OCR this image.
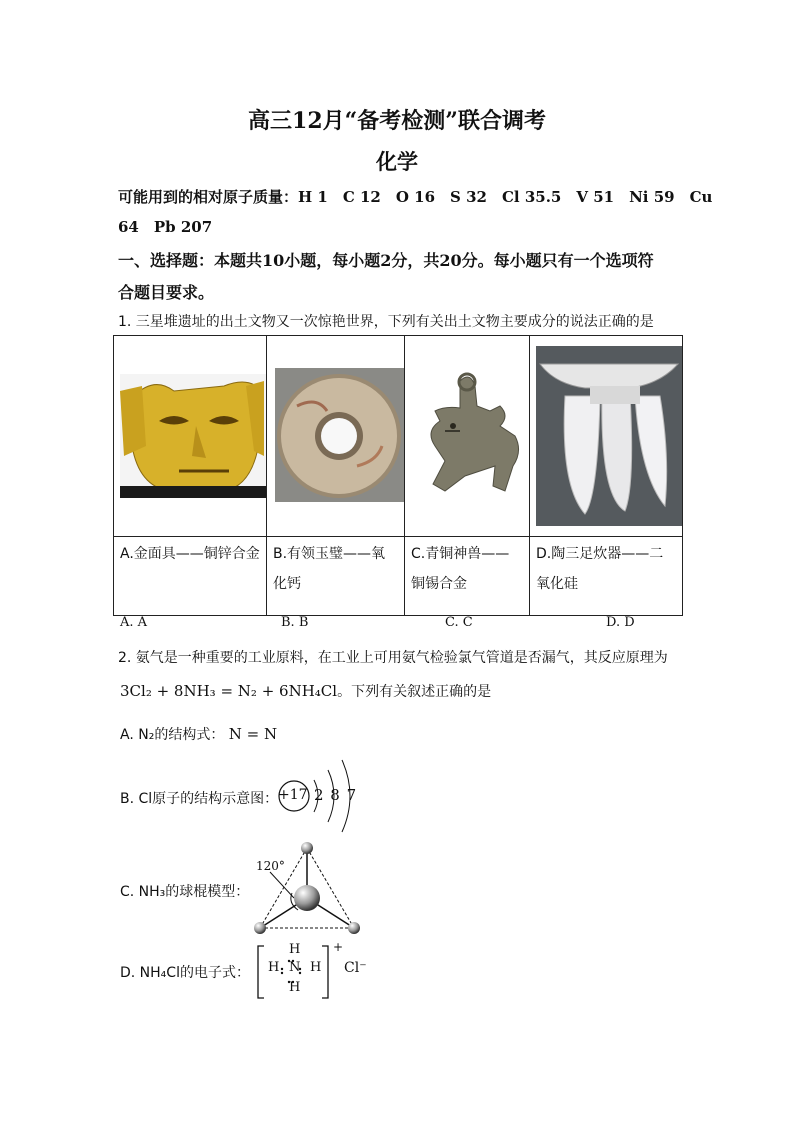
高三12月“备考检测”联合调考
化学
可能用到的相对原子质量：H 1　C 12　O 16　S 32　Cl 35.5　V 51　Ni 59　Cu
64　Pb 207
一、选择题：本题共10小题，每小题2分，共20分。每小题只有一个选项符
合题目要求。
1. 三星堆遗址的出土文物又一次惊艳世界，下列有关出土文物主要成分的说法正确的是

A.金面具——铜锌合金	B.有领玉璧——氧化钙	C.青铜神兽——铜锡合金	D.陶三足炊器——二氧化硅
A. A	B. B	C. C	D. D
2. 氨气是一种重要的工业原料，在工业上可用氨气检验氯气管道是否漏气，其反应原理为
3Cl₂ + 8NH₃ = N₂ + 6NH₄Cl。下列有关叙述正确的是
A. N₂的结构式： N = N
B. Cl原子的结构示意图： +17 2 8 7
C. NH₃的球棍模型：
120°
D. NH₄Cl的电子式：
H
H N H
H
+
Cl⁻
